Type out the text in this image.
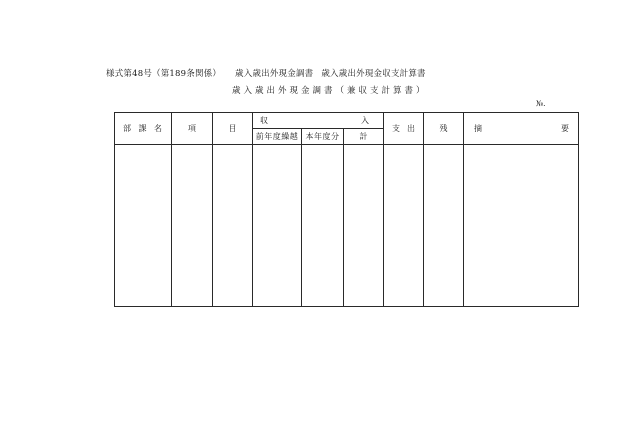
様式第48号（第189条関係） 歳入歳出外現金調書 歳入歳出外現金収支計算書
歳入歳出外現金調書（兼収支計算書）
№.
部 課 名	項	目	収 入			支 出	残	摘 要

			前年度繰越	本年度分	計			
